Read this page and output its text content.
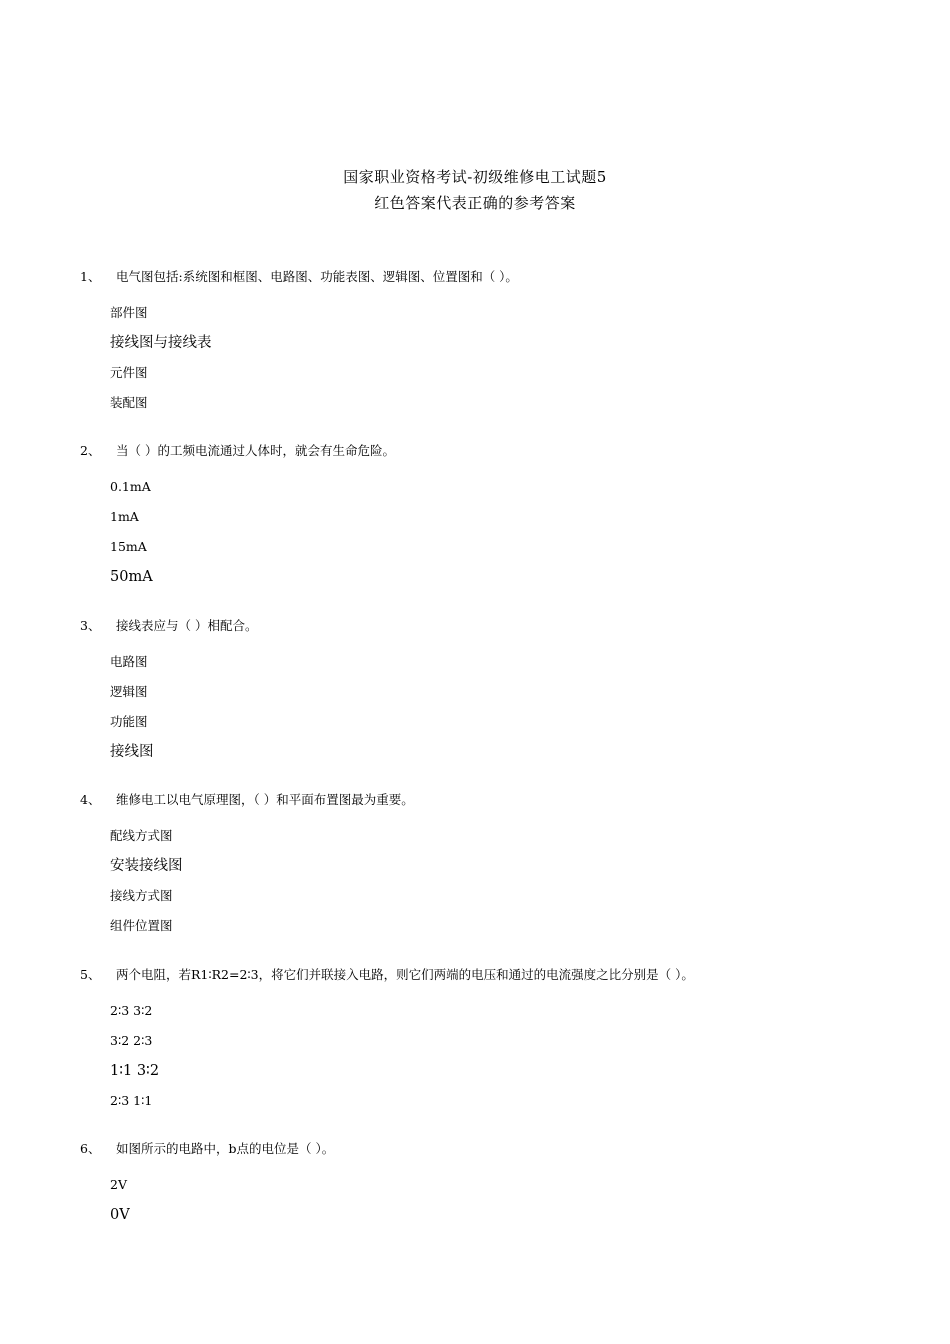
国家职业资格考试-初级维修电工试题5
红色答案代表正确的参考答案
1、 电气图包括:系统图和框图、电路图、功能表图、逻辑图、位置图和（ ）。
部件图
接线图与接线表
元件图
装配图
2、 当（ ）的工频电流通过人体时，就会有生命危险。
0.1mA
1mA
15mA
50mA
3、 接线表应与（ ）相配合。
电路图
逻辑图
功能图
接线图
4、 维修电工以电气原理图，（ ）和平面布置图最为重要。
配线方式图
安装接线图
接线方式图
组件位置图
5、 两个电阻，若R1∶R2=2∶3，将它们并联接入电路，则它们两端的电压和通过的电流强度之比分别是（ ）。
2∶3 3∶2
3∶2 2∶3
1∶1 3∶2
2∶3 1∶1
6、 如图所示的电路中，b点的电位是（ ）。
2V
0V
